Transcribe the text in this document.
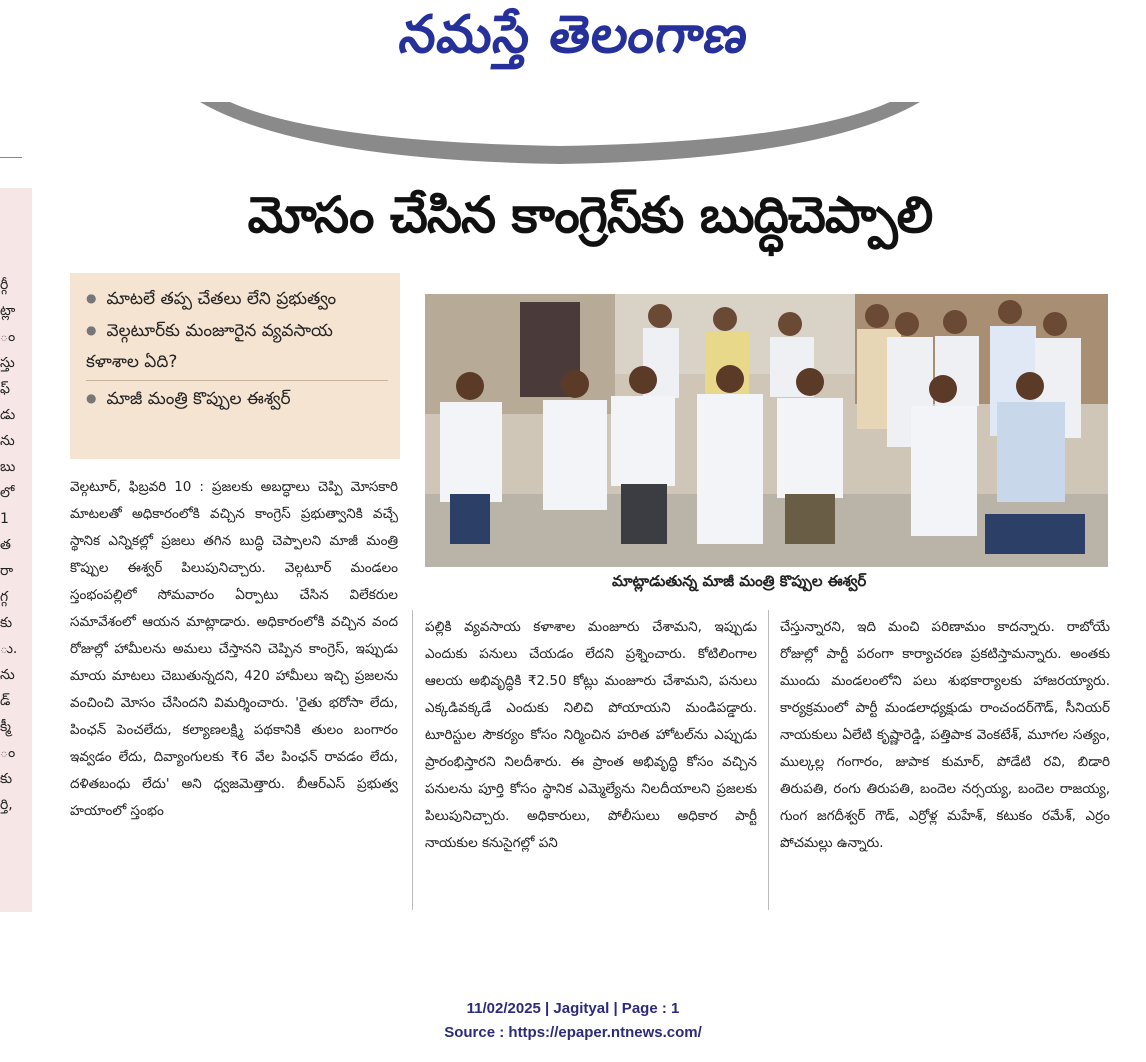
నమస్తే తెలంగాణ
ర్గీ
ట్లా
ం
స్తు
ఫ్
డు
ను
బు
లో
1
త
రా
గ్గ
కు
ు.
ను
డ్
క్మీ
ం
కు
ర్తి,
మోసం చేసిన కాంగ్రెస్‌కు బుద్ధిచెప్పాలి
● మాటలే తప్ప చేతలు లేని ప్రభుత్వం
● వెల్గటూర్‌కు మంజూరైన వ్యవసాయ కళాశాల ఏది?
● మాజీ మంత్రి కొప్పుల ఈశ్వర్
మాట్లాడుతున్న మాజీ మంత్రి కొప్పుల ఈశ్వర్

వెల్గటూర్, ఫిబ్రవరి 10 : ప్రజలకు అబద్ధాలు చెప్పి మోసకారి మాటలతో అధికారంలోకి వచ్చిన కాంగ్రెస్ ప్రభుత్వానికి వచ్చే స్థానిక ఎన్నికల్లో ప్రజలు తగిన బుద్ధి చెప్పాలని మాజీ మంత్రి కొప్పుల ఈశ్వర్ పిలుపునిచ్చారు. వెల్గటూర్ మండలం స్తంభంపల్లిలో సోమవారం ఏర్పాటు చేసిన విలేకరుల సమావేశంలో ఆయన మాట్లాడారు. అధికారంలోకి వచ్చిన వంద రోజుల్లో హామీలను అమలు చేస్తానని చెప్పిన కాంగ్రెస్, ఇప్పుడు మాయ మాటలు చెబుతున్నదని, 420 హామీలు ఇచ్చి ప్రజలను వంచించి మోసం చేసిందని విమర్శించారు. 'రైతు భరోసా లేదు, పింఛన్ పెంచలేదు, కల్యాణలక్ష్మి పథకానికి తులం బంగారం ఇవ్వడం లేదు, దివ్యాంగులకు ₹6 వేల పింఛన్ రావడం లేదు, దళితబంధు లేదు' అని ధ్వజమెత్తారు. బీఆర్‌ఎస్ ప్రభుత్వ హయాంలో స్తంభం

పల్లికి వ్యవసాయ కళాశాల మంజూరు చేశామని, ఇప్పుడు ఎందుకు పనులు చేయడం లేదని ప్రశ్నించారు. కోటిలింగాల ఆలయ అభివృద్ధికి ₹2.50 కోట్లు మంజూరు చేశామని, పనులు ఎక్కడివక్కడే ఎందుకు నిలిచి పోయాయని మండిపడ్డారు. టూరిస్టుల సౌకర్యం కోసం నిర్మించిన హరిత హోటల్‌ను ఎప్పుడు ప్రారంభిస్తారని నిలదీశారు. ఈ ప్రాంత అభివృద్ధి కోసం వచ్చిన పనులను పూర్తి కోసం స్థానిక ఎమ్మెల్యేను నిలదీయాలని ప్రజలకు పిలుపునిచ్చారు. అధికారులు, పోలీసులు అధికార పార్టీ నాయకుల కనుసైగల్లో పని

చేస్తున్నారని, ఇది మంచి పరిణామం కాదన్నారు. రాబోయే రోజుల్లో పార్టీ పరంగా కార్యాచరణ ప్రకటిస్తామన్నారు. అంతకు ముందు మండలంలోని పలు శుభకార్యాలకు హాజరయ్యారు. కార్యక్రమంలో పార్టీ మండలాధ్యక్షుడు రాంచందర్‌గౌడ్, సీనియర్ నాయకులు ఏలేటి కృష్ణారెడ్డి, పత్తిపాక వెంకటేశ్, మూగల సత్యం, ముల్కల్ల గంగారం, జుపాక కుమార్, పోడేటి రవి, బిడారి తిరుపతి, రంగు తిరుపతి, బందెల నర్సయ్య, బందెల రాజయ్య, గుంగ జగదీశ్వర్ గౌడ్, ఎర్రోళ్ల మహేశ్, కటుకం రమేశ్, ఎర్రం పోచమల్లు ఉన్నారు.

11/02/2025 | Jagityal | Page : 1
Source : https://epaper.ntnews.com/
